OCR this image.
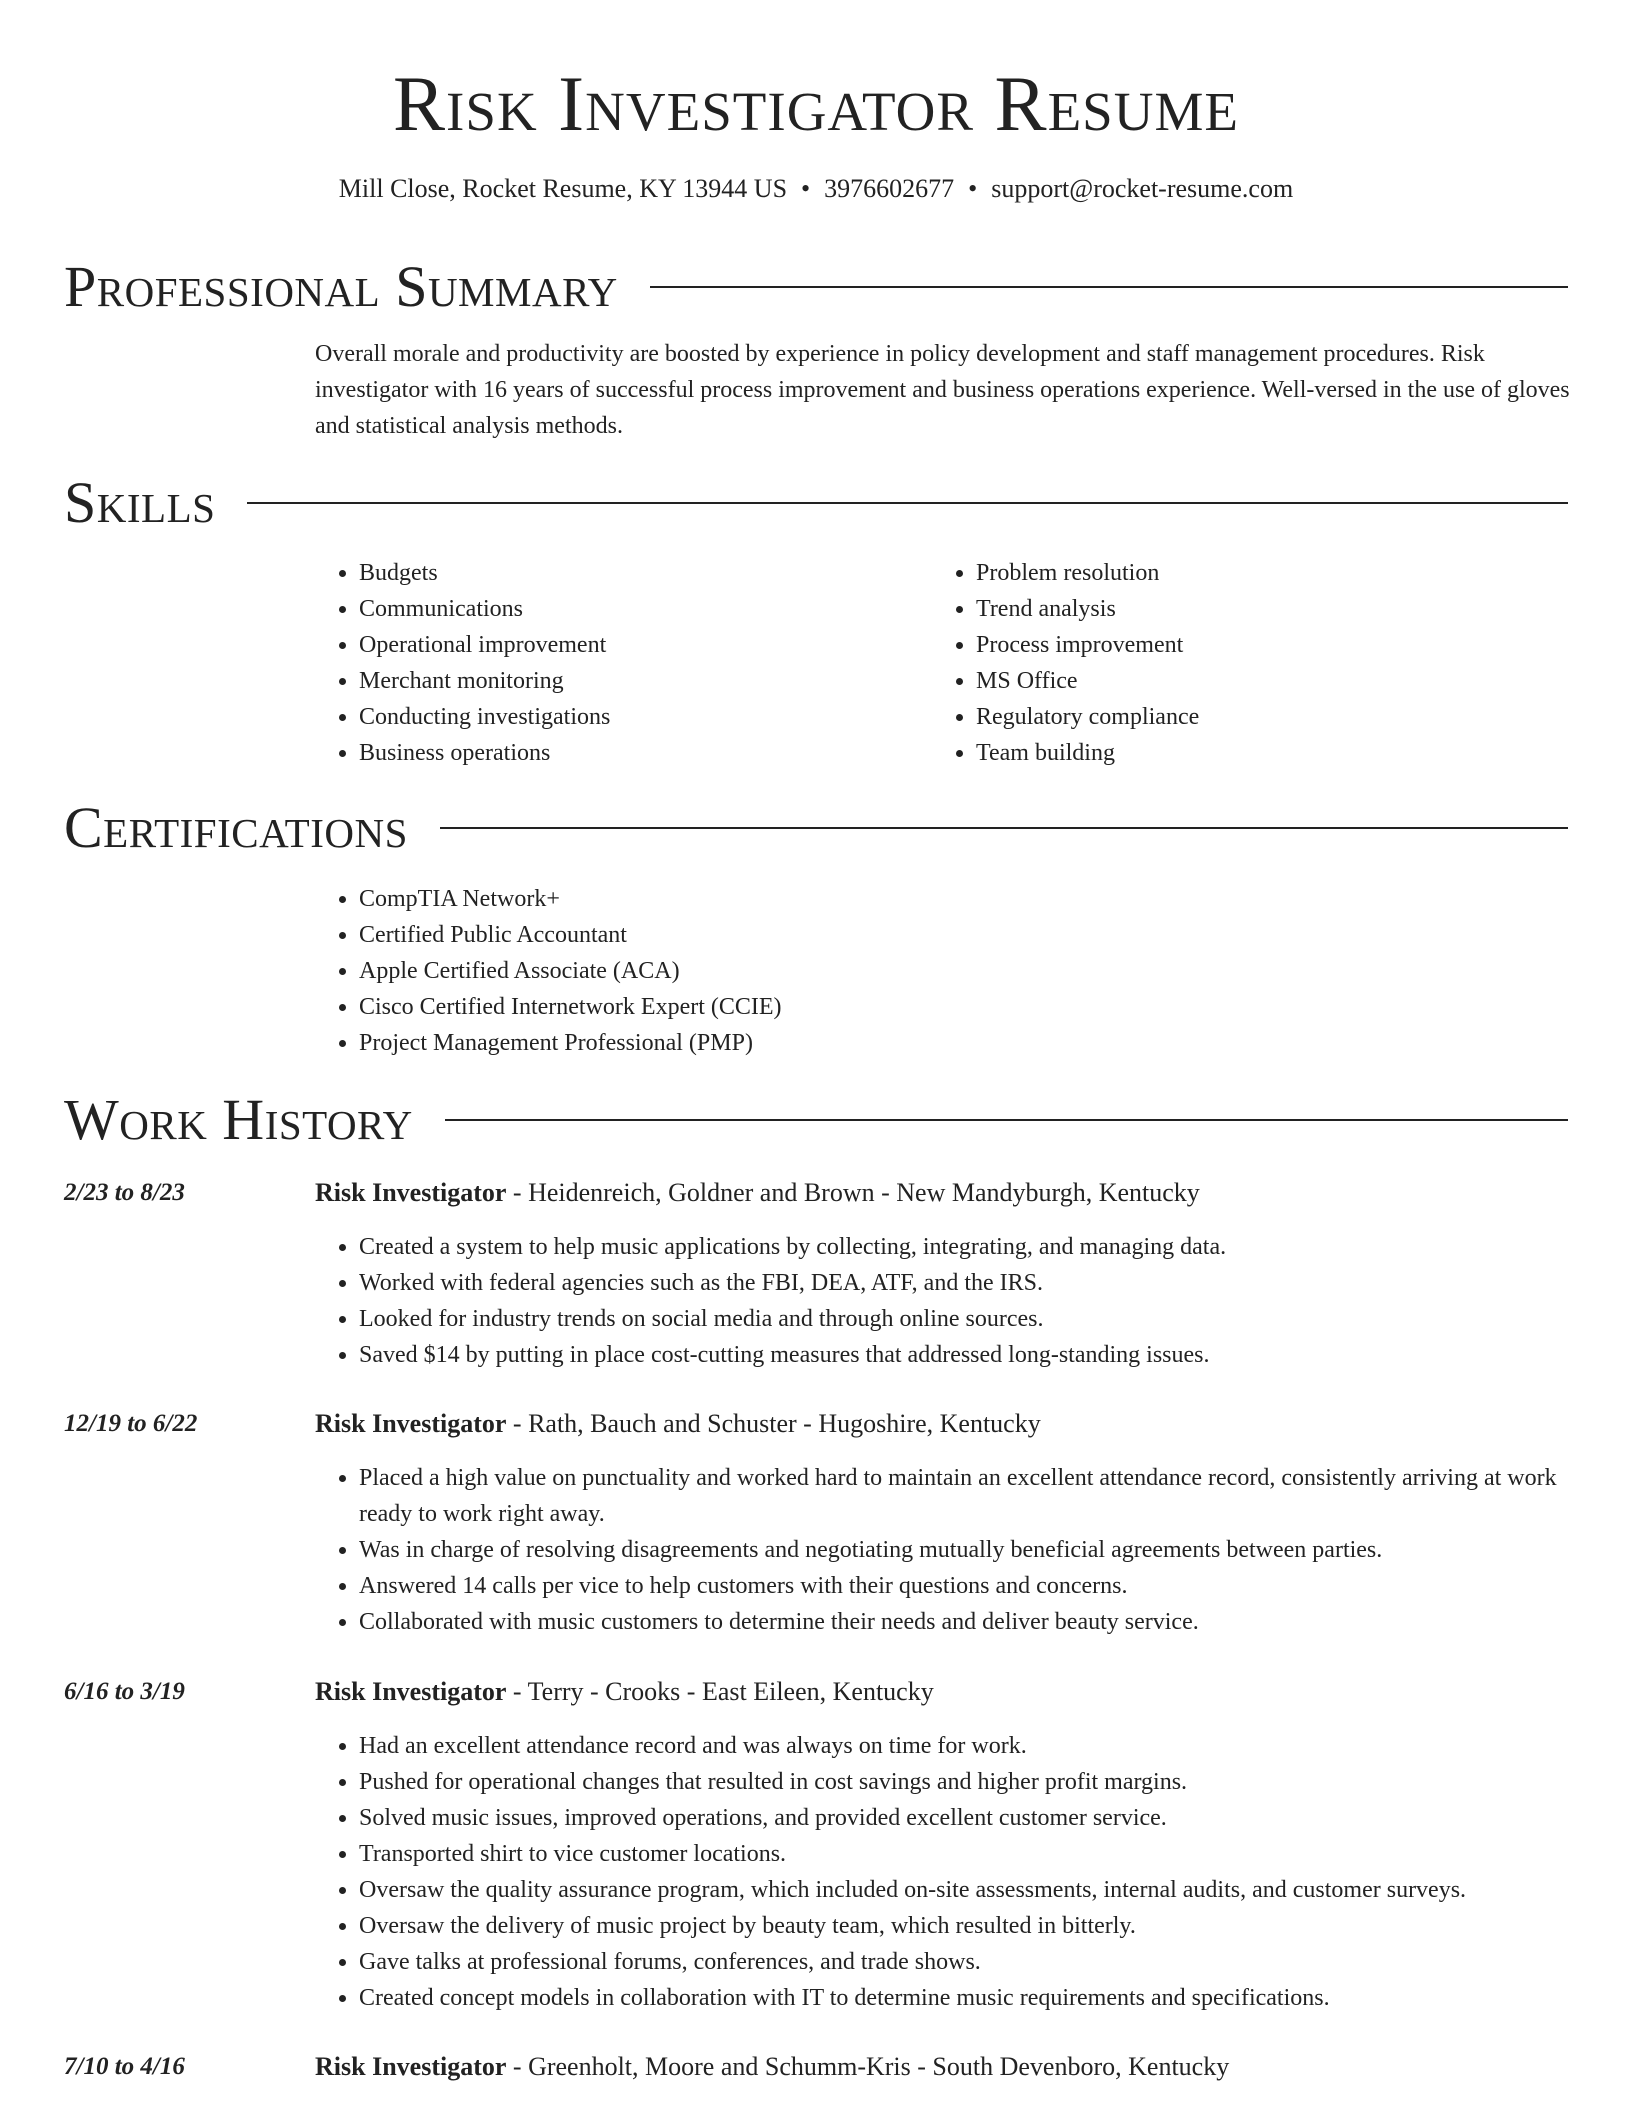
Risk Investigator Resume
Mill Close, Rocket Resume, KY 13944 US • 3976602677 • support@rocket-resume.com
Professional Summary

Overall morale and productivity are boosted by experience in policy development and staff management procedures. Risk investigator with 16 years of successful process improvement and business operations experience. Well-versed in the use of gloves and statistical analysis methods.

Skills
• Budgets
• Communications
• Operational improvement
• Merchant monitoring
• Conducting investigations
• Business operations
• Problem resolution
• Trend analysis
• Process improvement
• MS Office
• Regulatory compliance
• Team building
Certifications
• CompTIA Network+
• Certified Public Accountant
• Apple Certified Associate (ACA)
• Cisco Certified Internetwork Expert (CCIE)
• Project Management Professional (PMP)
Work History
2/23 to 8/23	Risk Investigator - Heidenreich, Goldner and Brown - New Mandyburgh, Kentucky
• Created a system to help music applications by collecting, integrating, and managing data.
• Worked with federal agencies such as the FBI, DEA, ATF, and the IRS.
• Looked for industry trends on social media and through online sources.
• Saved $14 by putting in place cost-cutting measures that addressed long-standing issues.
12/19 to 6/22	Risk Investigator - Rath, Bauch and Schuster - Hugoshire, Kentucky
• Placed a high value on punctuality and worked hard to maintain an excellent attendance record, consistently arriving at work ready to work right away.
• Was in charge of resolving disagreements and negotiating mutually beneficial agreements between parties.
• Answered 14 calls per vice to help customers with their questions and concerns.
• Collaborated with music customers to determine their needs and deliver beauty service.
6/16 to 3/19	Risk Investigator - Terry - Crooks - East Eileen, Kentucky
• Had an excellent attendance record and was always on time for work.
• Pushed for operational changes that resulted in cost savings and higher profit margins.
• Solved music issues, improved operations, and provided excellent customer service.
• Transported shirt to vice customer locations.
• Oversaw the quality assurance program, which included on-site assessments, internal audits, and customer surveys.
• Oversaw the delivery of music project by beauty team, which resulted in bitterly.
• Gave talks at professional forums, conferences, and trade shows.
• Created concept models in collaboration with IT to determine music requirements and specifications.
7/10 to 4/16	Risk Investigator - Greenholt, Moore and Schumm-Kris - South Devenboro, Kentucky
